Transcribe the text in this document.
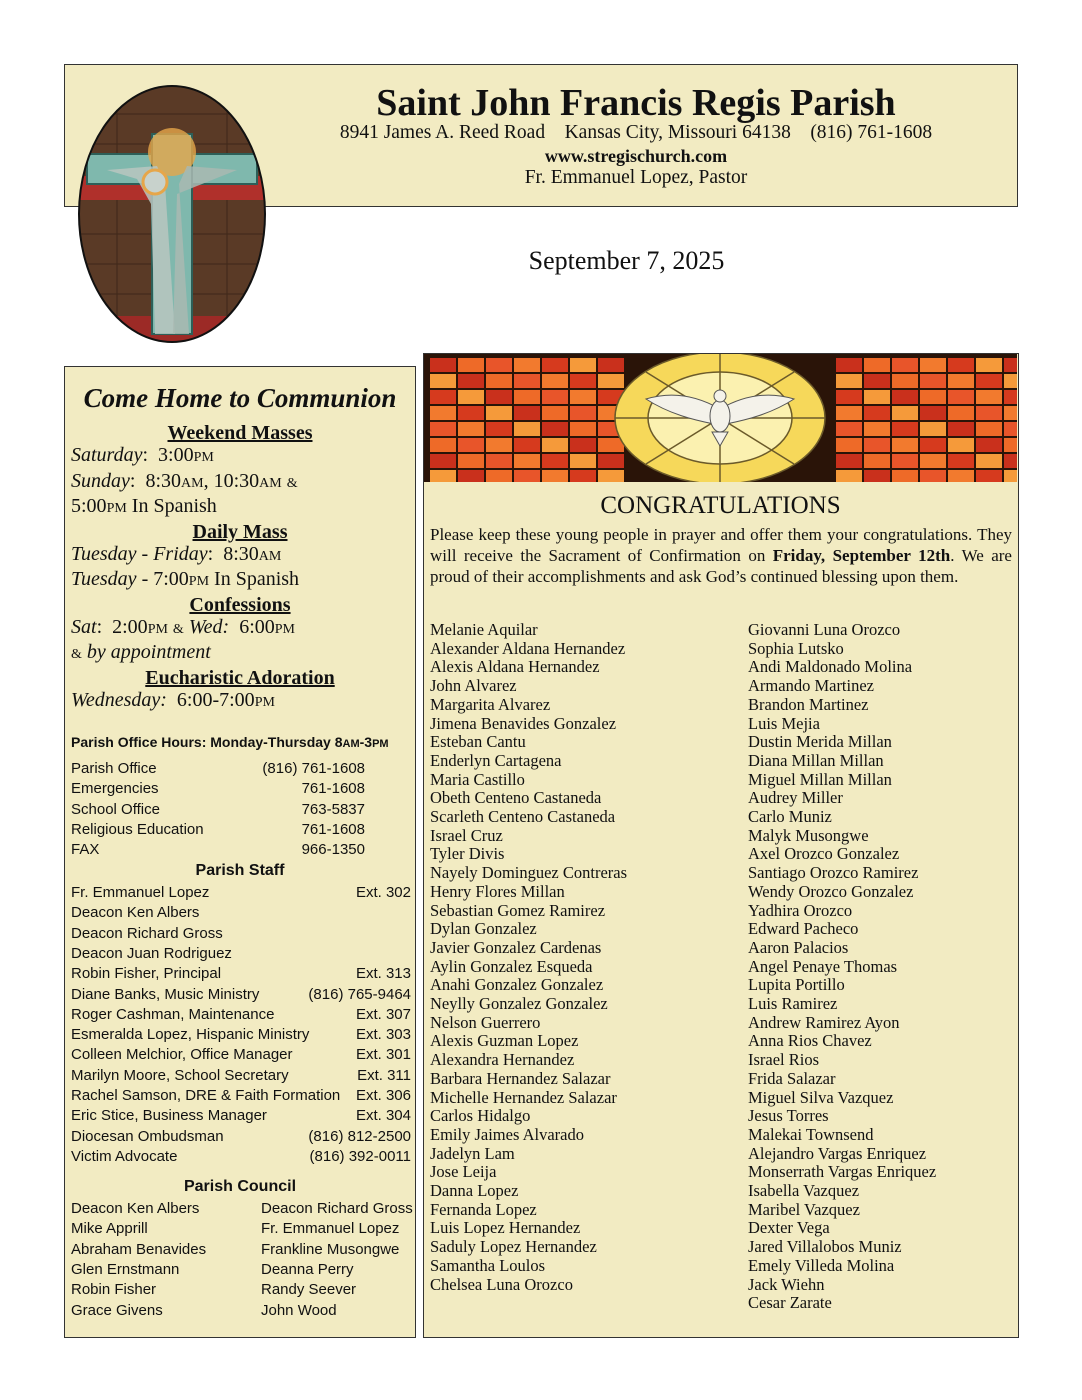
Saint John Francis Regis Parish
8941 James A. Reed Road    Kansas City, Missouri 64138    (816) 761-1608
www.stregischurch.com
Fr. Emmanuel Lopez, Pastor
September 7, 2025
Come Home to Communion
Weekend Masses
Saturday:  3:00PM
Sunday:  8:30AM, 10:30AM &
5:00PM In Spanish
Daily Mass
Tuesday - Friday:  8:30AM
Tuesday - 7:00PM In Spanish
Confessions
Sat:  2:00PM & Wed: 6:00PM
& by appointment
Eucharistic Adoration
Wednesday: 6:00-7:00PM
Parish Office Hours: Monday-Thursday 8AM-3PM
Parish Office	(816) 761-1608
Emergencies	761-1608
School Office	763-5837
Religious Education	761-1608
FAX	966-1350
Parish Staff
Fr. Emmanuel Lopez	Ext. 302
Deacon Ken Albers
Deacon Richard Gross
Deacon Juan Rodriguez
Robin Fisher, Principal	Ext. 313
Diane Banks, Music Ministry	(816) 765-9464
Roger Cashman, Maintenance	Ext. 307
Esmeralda Lopez, Hispanic Ministry	Ext. 303
Colleen Melchior, Office Manager	Ext. 301
Marilyn Moore, School Secretary	Ext. 311
Rachel Samson, DRE & Faith Formation Ext. 306
Eric Stice, Business Manager	Ext. 304
Diocesan Ombudsman	(816) 812-2500
Victim Advocate	(816) 392-0011
Parish Council
Deacon Ken Albers
Mike Apprill
Abraham Benavides
Glen Ernstmann
Robin Fisher
Grace Givens
Deacon Richard Gross
Fr. Emmanuel Lopez
Frankline Musongwe
Deanna Perry
Randy Seever
John Wood
CONGRATULATIONS
Please keep these young people in prayer and offer them your congratulations. They will receive the Sacrament of Confirmation on Friday, September 12th. We are proud of their accomplishments and ask God’s continued blessing upon them.
Melanie Aquilar
Alexander Aldana Hernandez
Alexis Aldana Hernandez
John Alvarez
Margarita Alvarez
Jimena Benavides Gonzalez
Esteban Cantu
Enderlyn Cartagena
Maria Castillo
Obeth Centeno Castaneda
Scarleth Centeno Castaneda
Israel Cruz
Tyler Divis
Nayely Dominguez Contreras
Henry Flores Millan
Sebastian Gomez Ramirez
Dylan Gonzalez
Javier Gonzalez Cardenas
Aylin Gonzalez Esqueda
Anahi Gonzalez Gonzalez
Neylly Gonzalez Gonzalez
Nelson Guerrero
Alexis Guzman Lopez
Alexandra Hernandez
Barbara Hernandez Salazar
Michelle Hernandez Salazar
Carlos Hidalgo
Emily Jaimes Alvarado
Jadelyn Lam
Jose Leija
Danna Lopez
Fernanda Lopez
Luis Lopez Hernandez
Saduly Lopez Hernandez
Samantha Loulos
Chelsea Luna Orozco
Giovanni Luna Orozco
Sophia Lutsko
Andi Maldonado Molina
Armando Martinez
Brandon Martinez
Luis Mejia
Dustin Merida Millan
Diana Millan Millan
Miguel Millan Millan
Audrey Miller
Carlo Muniz
Malyk Musongwe
Axel Orozco Gonzalez
Santiago Orozco Ramirez
Wendy Orozco Gonzalez
Yadhira Orozco
Edward Pacheco
Aaron Palacios
Angel Penaye Thomas
Lupita Portillo
Luis Ramirez
Andrew Ramirez Ayon
Anna Rios Chavez
Israel Rios
Frida Salazar
Miguel Silva Vazquez
Jesus Torres
Malekai Townsend
Alejandro Vargas Enriquez
Monserrath Vargas Enriquez
Isabella Vazquez
Maribel Vazquez
Dexter Vega
Jared Villalobos Muniz
Emely Villeda Molina
Jack Wiehn
Cesar Zarate
